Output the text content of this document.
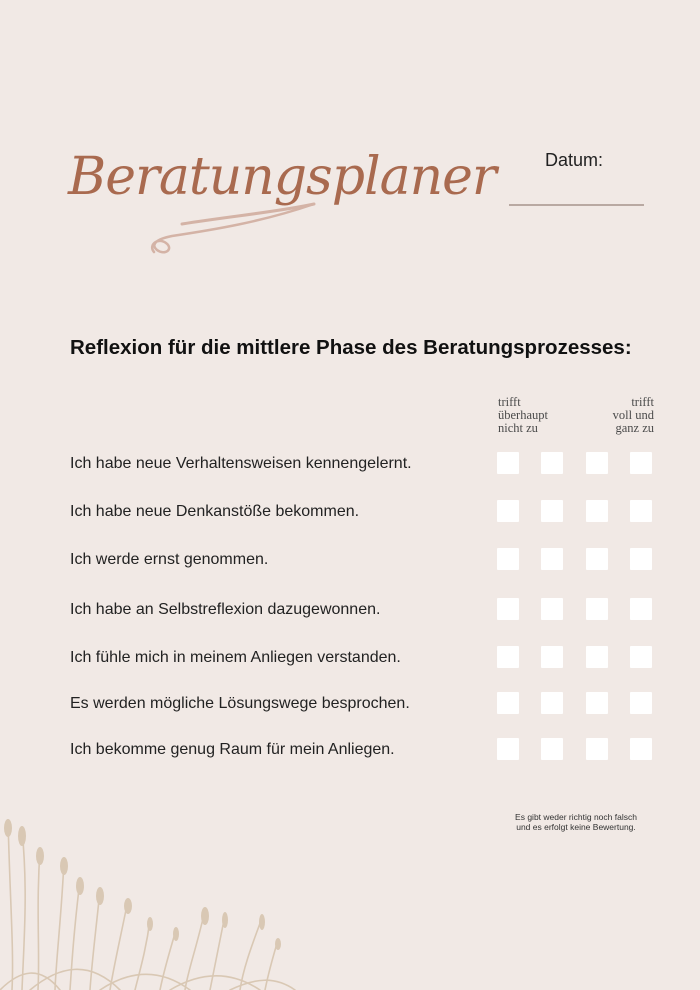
Beratungsplaner	Datum:
Reflexion für die mittlere Phase des Beratungsprozesses:
trifft
überhaupt
nicht zu
trifft
voll und
ganz zu
Ich habe neue Verhaltensweisen kennengelernt.
Ich habe neue Denkanstöße bekommen.
Ich werde ernst genommen.
Ich habe an Selbstreflexion dazugewonnen.
Ich fühle mich in meinem Anliegen verstanden.
Es werden mögliche Lösungswege besprochen.
Ich bekomme genug Raum für mein Anliegen.
Es gibt weder richtig noch falsch
und es erfolgt keine Bewertung.
